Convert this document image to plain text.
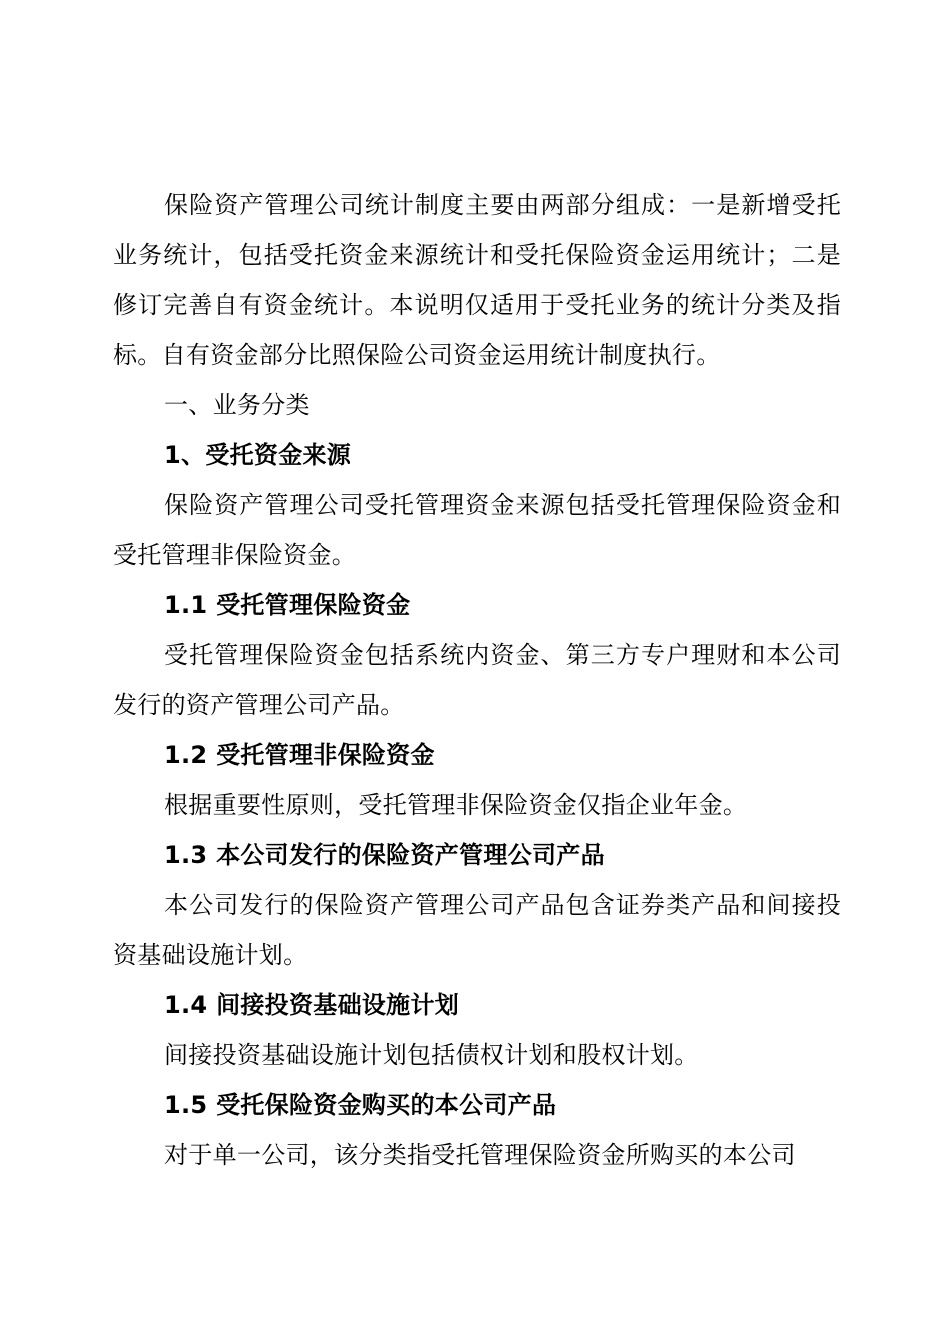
保险资产管理公司统计制度主要由两部分组成：一是新增受托业务统计，包括受托资金来源统计和受托保险资金运用统计；二是修订完善自有资金统计。本说明仅适用于受托业务的统计分类及指标。自有资金部分比照保险公司资金运用统计制度执行。

一、业务分类

1、受托资金来源

保险资产管理公司受托管理资金来源包括受托管理保险资金和受托管理非保险资金。

1.1 受托管理保险资金

受托管理保险资金包括系统内资金、第三方专户理财和本公司发行的资产管理公司产品。

1.2 受托管理非保险资金

根据重要性原则，受托管理非保险资金仅指企业年金。

1.3 本公司发行的保险资产管理公司产品

本公司发行的保险资产管理公司产品包含证券类产品和间接投资基础设施计划。

1.4 间接投资基础设施计划

间接投资基础设施计划包括债权计划和股权计划。

1.5 受托保险资金购买的本公司产品

对于单一公司，该分类指受托管理保险资金所购买的本公司
